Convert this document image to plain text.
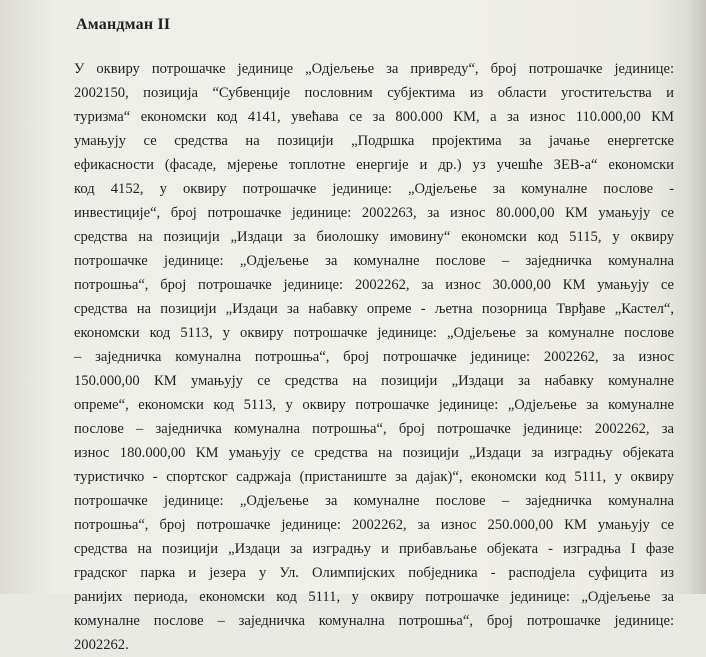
Амандман II
У оквиру потрошачке јединице „Одјељење за привреду“, број потрошачке јединице:
2002150, позиција “Субвенције пословним субјектима из области угоститељства и
туризма“ економски код 4141, увећава се за 800.000 КМ, а за износ 110.000,00 КМ
умањују се средства на позицији „Подршка пројектима за јачање енергетске
ефикасности (фасаде, мјерење топлотне енергије и др.) уз учешће ЗЕВ-а“ економски
код 4152, у оквиру потрошачке јединице: „Одјељење за комуналне послове -
инвестиције“, број потрошачке јединице: 2002263, за износ 80.000,00 КМ умањују се
средства на позицији „Издаци за биолошку имовину“ економски код 5115, у оквиру
потрошачке јединице: „Одјељење за комуналне послове – заједничка комунална
потрошња“, број потрошачке јединице: 2002262, за износ 30.000,00 КМ умањују се
средства на позицији „Издаци за набавку опреме - љетна позорница Тврђаве „Кастел“,
економски код 5113, у оквиру потрошачке јединице: „Одјељење за комуналне послове
– заједничка комунална потрошња“, број потрошачке јединице: 2002262, за износ
150.000,00 КМ умањују се средства на позицији „Издаци за набавку комуналне
опреме“, економски код 5113, у оквиру потрошачке јединице: „Одјељење за комуналне
послове – заједничка комунална потрошња“, број потрошачке јединице: 2002262, за
износ 180.000,00 КМ умањују се средства на позицији „Издаци за изградњу објеката
туристичко - спортског садржаја (пристаниште за дајак)“, економски код 5111, у оквиру
потрошачке јединице: „Одјељење за комуналне послове – заједничка комунална
потрошња“, број потрошачке јединице: 2002262, за износ 250.000,00 КМ умањују се
средства на позицији „Издаци за изградњу и прибављање објеката - изградња I фазе
градског парка и језера у Ул. Олимпијских побједника - расподјела суфицита из
ранијих периода, економски код 5111, у оквиру потрошачке јединице: „Одјељење за
комуналне послове – заједничка комунална потрошња“, број потрошачке јединице:
2002262.
